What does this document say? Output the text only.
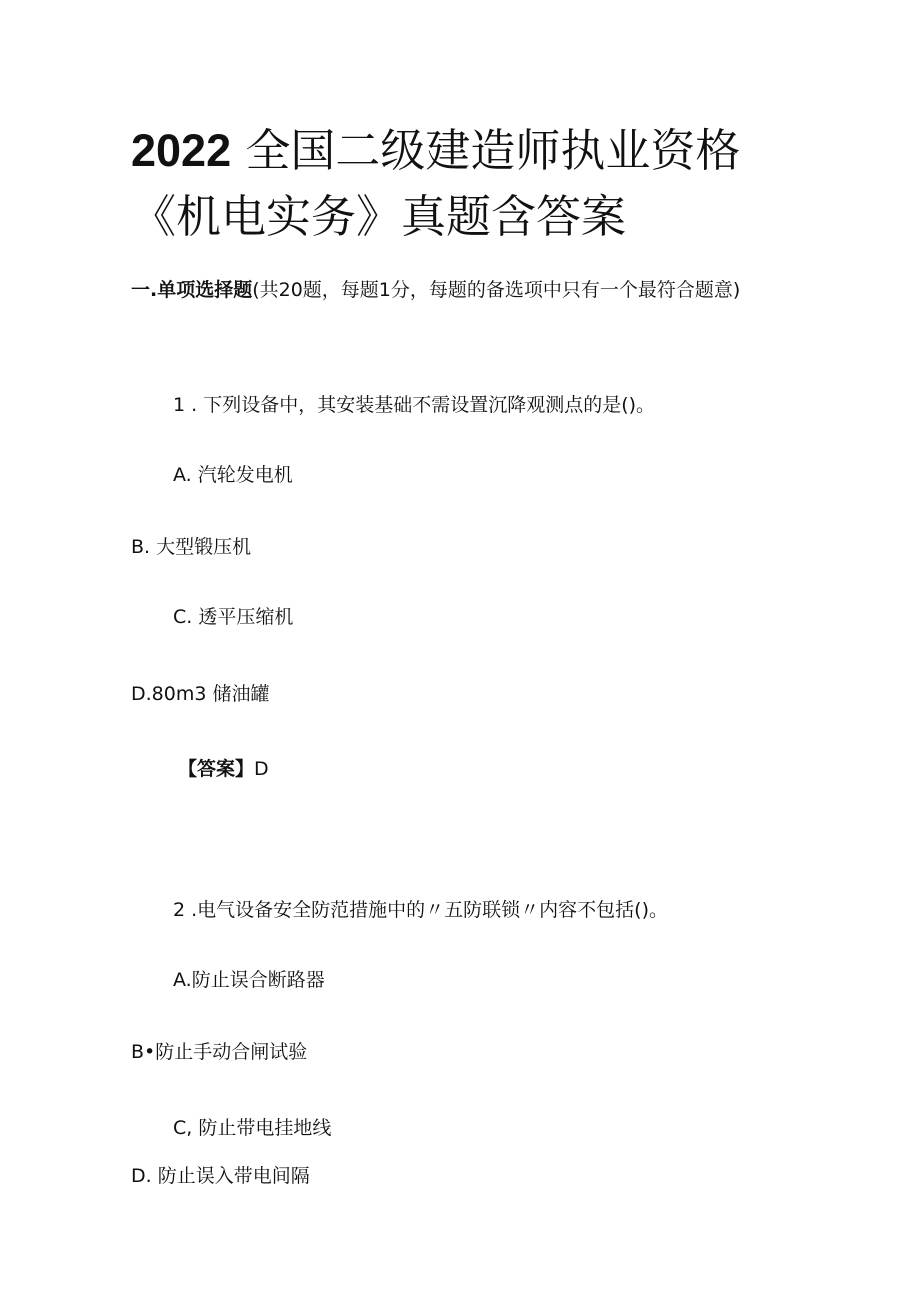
2022 全国二级建造师执业资格《机电实务》真题含答案

一.单项选择题(共20题，每题1分，每题的备选项中只有一个最符合题意)

1 . 下列设备中，其安装基础不需设置沉降观测点的是()。

A. 汽轮发电机

B. 大型锻压机

C. 透平压缩机

D.80m3 储油罐

【答案】D

2 .电气设备安全防范措施中的〃五防联锁〃内容不包括()。

A.防止误合断路器

B•防止手动合闸试验

C, 防止带电挂地线

D. 防止误入带电间隔
